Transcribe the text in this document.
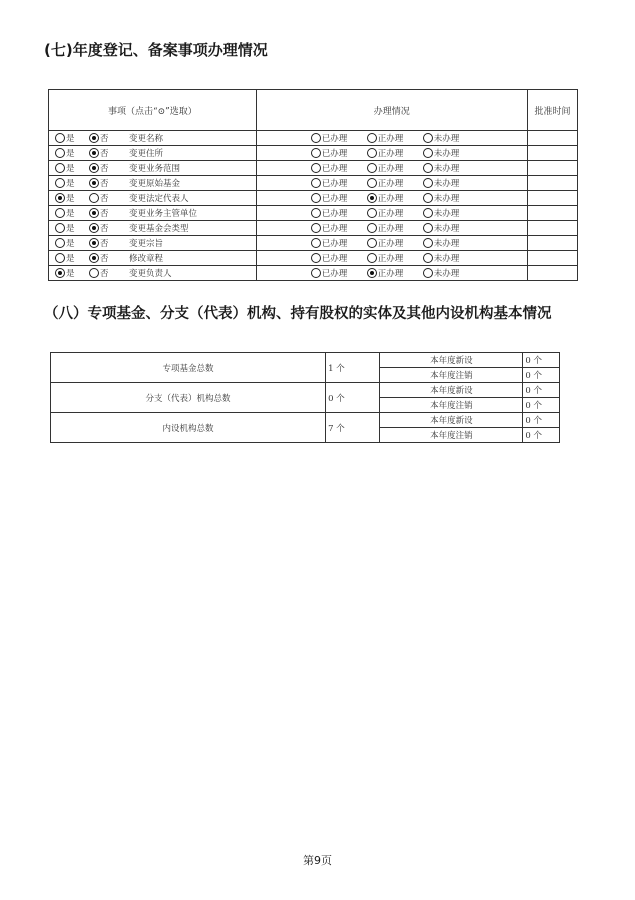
(七)年度登记、备案事项办理情况
事项（点击“⊙”选取）	办理情况	批准时间
是 否 变更名称	已办理 正办理 未办理	
是 否 变更住所	已办理 正办理 未办理	
是 否 变更业务范围	已办理 正办理 未办理	
是 否 变更原始基金	已办理 正办理 未办理	
是 否 变更法定代表人	已办理 正办理 未办理	
是 否 变更业务主管单位	已办理 正办理 未办理	
是 否 变更基金会类型	已办理 正办理 未办理	
是 否 变更宗旨	已办理 正办理 未办理	
是 否 修改章程	已办理 正办理 未办理	
是 否 变更负责人	已办理 正办理 未办理	
（八）专项基金、分支（代表）机构、持有股权的实体及其他内设机构基本情况
专项基金总数	1 个	本年度新设	0 个
		本年度注销	0 个
分支（代表）机构总数	0 个	本年度新设	0 个
		本年度注销	0 个
内设机构总数	7 个	本年度新设	0 个
		本年度注销	0 个
第9页
